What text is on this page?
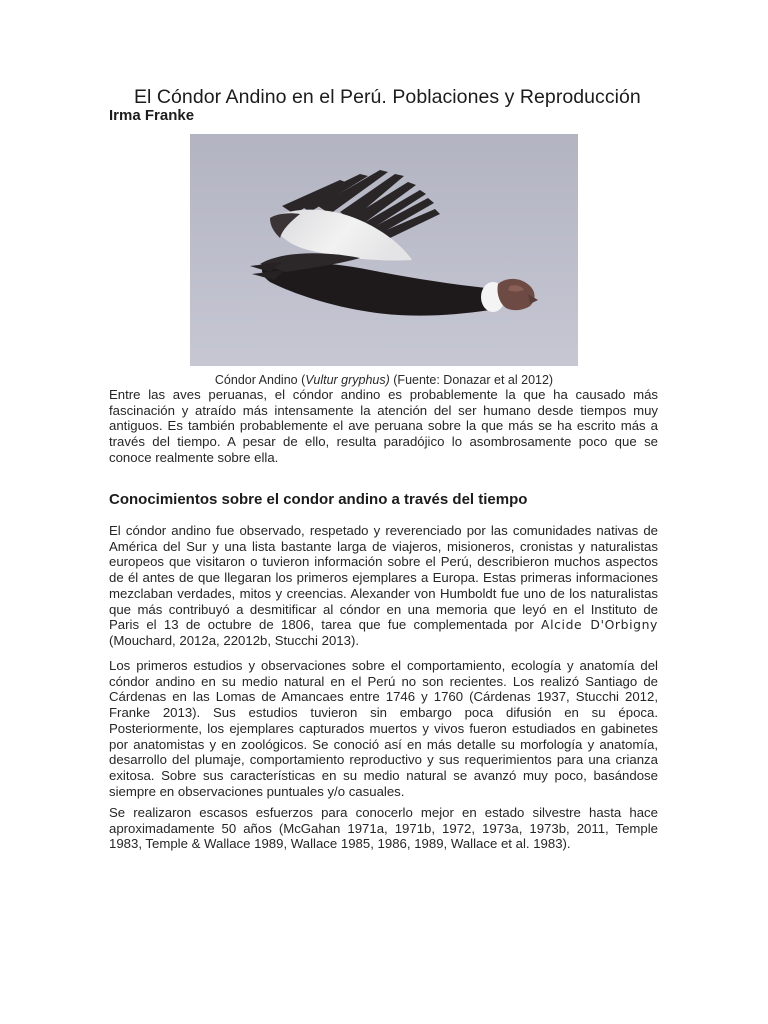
El Cóndor Andino en el Perú. Poblaciones y Reproducción
Irma Franke
Cóndor Andino (Vultur gryphus) (Fuente: Donazar et al 2012)
Entre las aves peruanas, el cóndor andino es probablemente la que ha causado más
fascinación y atraído más intensamente la atención del ser humano desde tiempos muy
antiguos. Es también probablemente el ave peruana sobre la que más se ha escrito más a
través del tiempo. A pesar de ello, resulta paradójico lo asombrosamente poco que se
conoce realmente sobre ella.
Conocimientos sobre el condor andino a través del tiempo
El cóndor andino fue observado, respetado y reverenciado por las comunidades nativas de
América del Sur y una lista bastante larga de viajeros, misioneros, cronistas y naturalistas
europeos que visitaron o tuvieron información sobre el Perú, describieron muchos aspectos
de él antes de que llegaran los primeros ejemplares a Europa. Estas primeras informaciones
mezclaban verdades, mitos y creencias. Alexander von Humboldt fue uno de los naturalistas
que más contribuyó a desmitificar al cóndor en una memoria que leyó en el Instituto de
Paris el 13 de octubre de 1806, tarea que fue complementada por Alcide D'Orbigny
(Mouchard, 2012a, 22012b, Stucchi 2013).
Los primeros estudios y observaciones sobre el comportamiento, ecología y anatomía del
cóndor andino en su medio natural en el Perú no son recientes. Los realizó Santiago de
Cárdenas en las Lomas de Amancaes entre 1746 y 1760 (Cárdenas 1937, Stucchi 2012,
Franke 2013). Sus estudios tuvieron sin embargo poca difusión en su época.
Posteriormente, los ejemplares capturados muertos y vivos fueron estudiados en gabinetes
por anatomistas y en zoológicos. Se conoció así en más detalle su morfología y anatomía,
desarrollo del plumaje, comportamiento reproductivo y sus requerimientos para una crianza
exitosa. Sobre sus características en su medio natural se avanzó muy poco, basándose
siempre en observaciones puntuales y/o casuales.
Se realizaron escasos esfuerzos para conocerlo mejor en estado silvestre hasta hace
aproximadamente 50 años (McGahan 1971a, 1971b, 1972, 1973a, 1973b, 2011, Temple
1983, Temple & Wallace 1989, Wallace 1985, 1986, 1989, Wallace et al. 1983).
